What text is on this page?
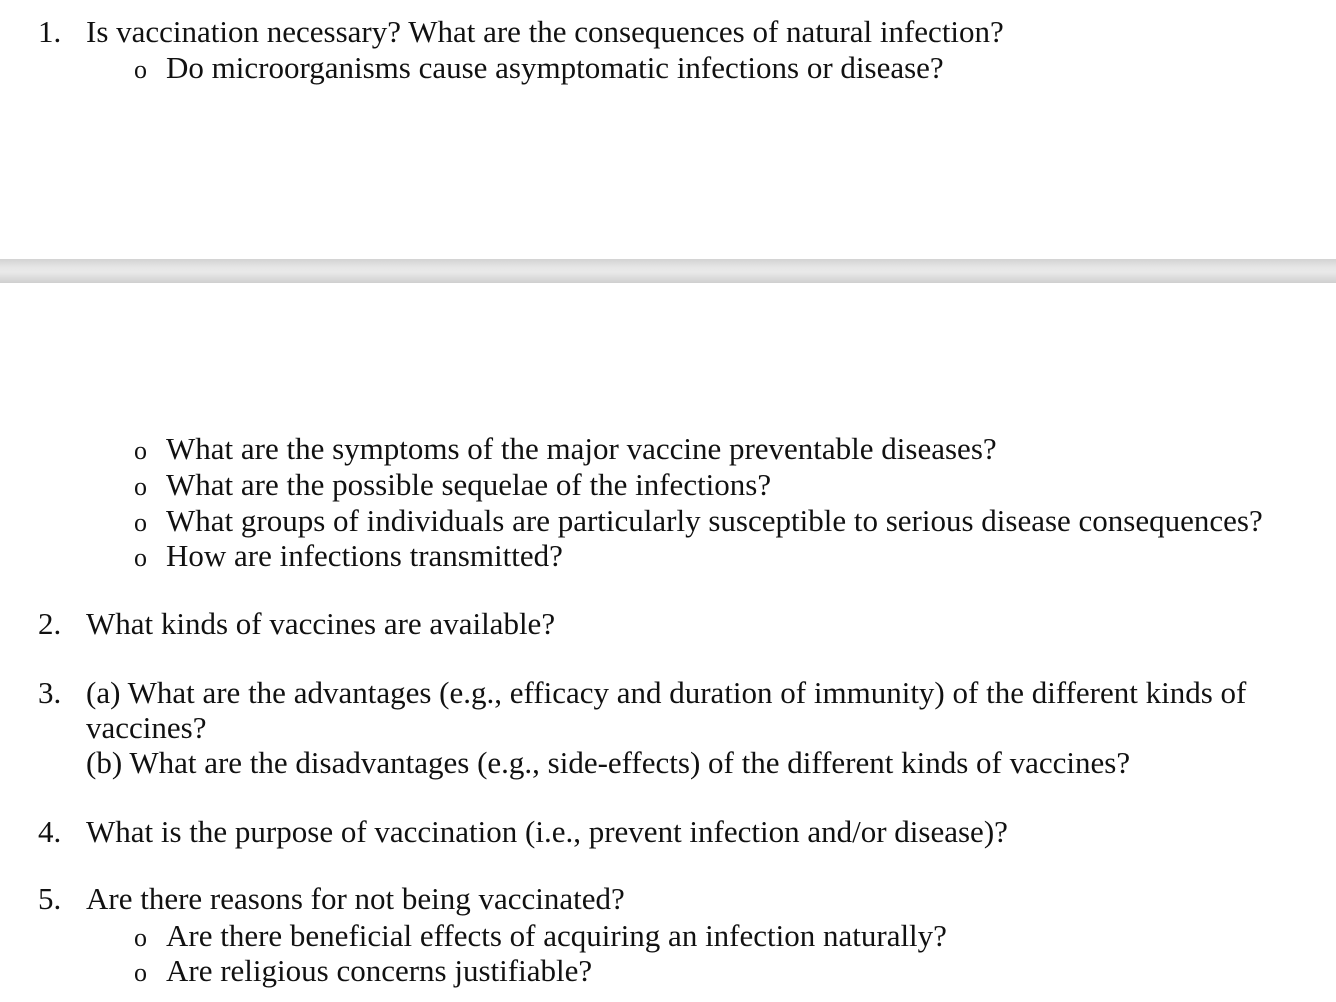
1. Is vaccination necessary? What are the consequences of natural infection?
o Do microorganisms cause asymptomatic infections or disease?
o What are the symptoms of the major vaccine preventable diseases?
o What are the possible sequelae of the infections?
o What groups of individuals are particularly susceptible to serious disease consequences?
o How are infections transmitted?
2. What kinds of vaccines are available?
3. (a) What are the advantages (e.g., efficacy and duration of immunity) of the different kinds of
vaccines?
(b) What are the disadvantages (e.g., side-effects) of the different kinds of vaccines?
4. What is the purpose of vaccination (i.e., prevent infection and/or disease)?
5. Are there reasons for not being vaccinated?
o Are there beneficial effects of acquiring an infection naturally?
o Are religious concerns justifiable?
